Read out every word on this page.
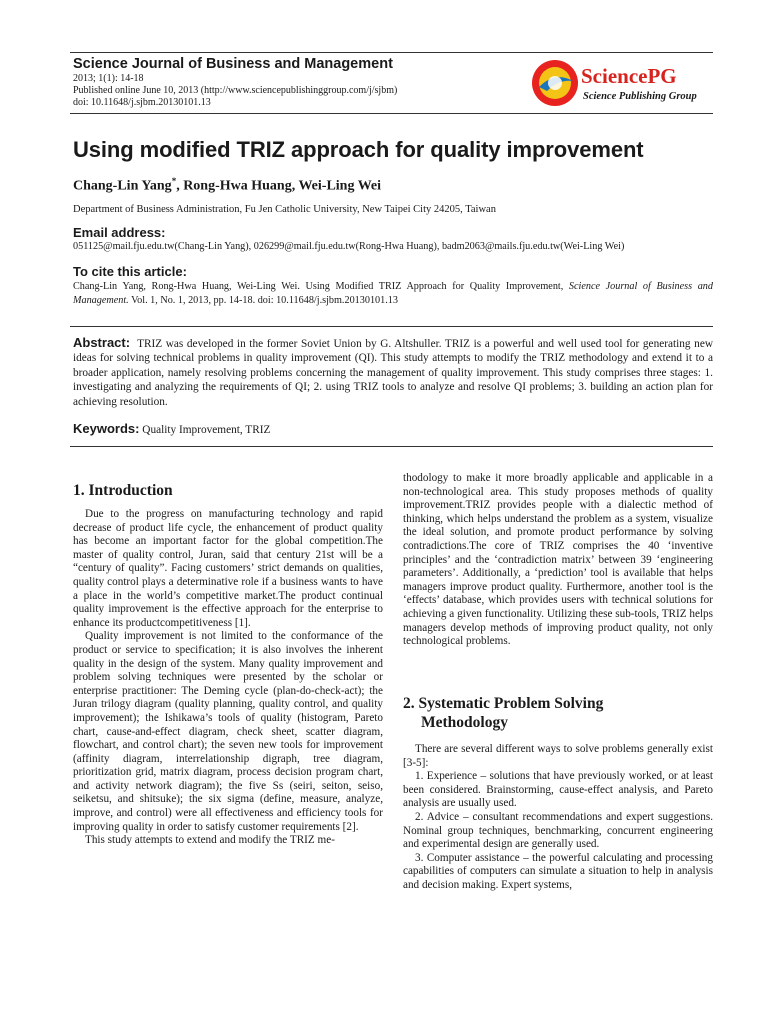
Science Journal of Business and Management
2013; 1(1): 14-18
Published online June 10, 2013 (http://www.sciencepublishinggroup.com/j/sjbm)
doi: 10.11648/j.sjbm.20130101.13
SciencePG
Science Publishing Group
Using modified TRIZ approach for quality improvement
Chang-Lin Yang*, Rong-Hwa Huang, Wei-Ling Wei
Department of Business Administration, Fu Jen Catholic University, New Taipei City 24205, Taiwan
Email address:
051125@mail.fju.edu.tw(Chang-Lin Yang), 026299@mail.fju.edu.tw(Rong-Hwa Huang), badm2063@mails.fju.edu.tw(Wei-Ling Wei)
To cite this article:
Chang-Lin Yang, Rong-Hwa Huang, Wei-Ling Wei. Using Modified TRIZ Approach for Quality Improvement, Science Journal of Business and Management. Vol. 1, No. 1, 2013, pp. 14-18. doi: 10.11648/j.sjbm.20130101.13
Abstract: TRIZ was developed in the former Soviet Union by G. Altshuller. TRIZ is a powerful and well used tool for generating new ideas for solving technical problems in quality improvement (QI). This study attempts to modify the TRIZ methodology and extend it to a broader application, namely resolving problems concerning the management of quality improvement. This study comprises three stages: 1. investigating and analyzing the requirements of QI; 2. using TRIZ tools to analyze and resolve QI problems; 3. building an action plan for achieving resolution.
Keywords: Quality Improvement, TRIZ
1. Introduction

Due to the progress on manufacturing technology and rapid decrease of product life cycle, the enhancement of product quality has become an important factor for the global competition.The master of quality control, Juran, said that century 21st will be a “century of quality”. Facing customers’ strict demands on qualities, quality control plays a determinative role if a business wants to have a place in the world’s competitive market.The product continual quality improvement is the effective approach for the enterprise to enhance its productcompetitiveness [1].

Quality improvement is not limited to the conformance of the product or service to specification; it is also involves the inherent quality in the design of the system. Many quality improvement and problem solving techniques were presented by the scholar or enterprise practitioner: The Deming cycle (plan-do-check-act); the Juran trilogy diagram (quality planning, quality control, and quality improvement); the Ishikawa’s tools of quality (histogram, Pareto chart, cause-and-effect diagram, check sheet, scatter diagram, flowchart, and control chart); the seven new tools for improvement (affinity diagram, interrelationship digraph, tree diagram, prioritization grid, matrix diagram, process decision program chart, and activity network diagram); the five Ss (seiri, seiton, seiso, seiketsu, and shitsuke); the six sigma (define, measure, analyze, improve, and control) were all effectiveness and efficiency tools for improving quality in order to satisfy customer requirements [2].

This study attempts to extend and modify the TRIZ me-

thodology to make it more broadly applicable and applicable in a non-technological area. This study proposes methods of quality improvement.TRIZ provides people with a dialectic method of thinking, which helps understand the problem as a system, visualize the ideal solution, and promote product performance by solving contradictions.The core of TRIZ comprises the 40 ‘inventive principles’ and the ‘contradiction matrix’ between 39 ‘engineering parameters’. Additionally, a ‘prediction’ tool is available that helps managers improve product quality. Furthermore, another tool is the ‘effects’ database, which provides users with technical solutions for achieving a given functionality. Utilizing these sub-tools, TRIZ helps managers develop methods of improving product quality, not only technological problems.

2. Systematic Problem Solving
Methodology

There are several different ways to solve problems generally exist [3-5]:

1. Experience – solutions that have previously worked, or at least been considered. Brainstorming, cause-effect analysis, and Pareto analysis are usually used.

2. Advice – consultant recommendations and expert suggestions. Nominal group techniques, benchmarking, concurrent engineering and experimental design are generally used.

3. Computer assistance – the powerful calculating and processing capabilities of computers can simulate a situation to help in analysis and decision making. Expert systems,
